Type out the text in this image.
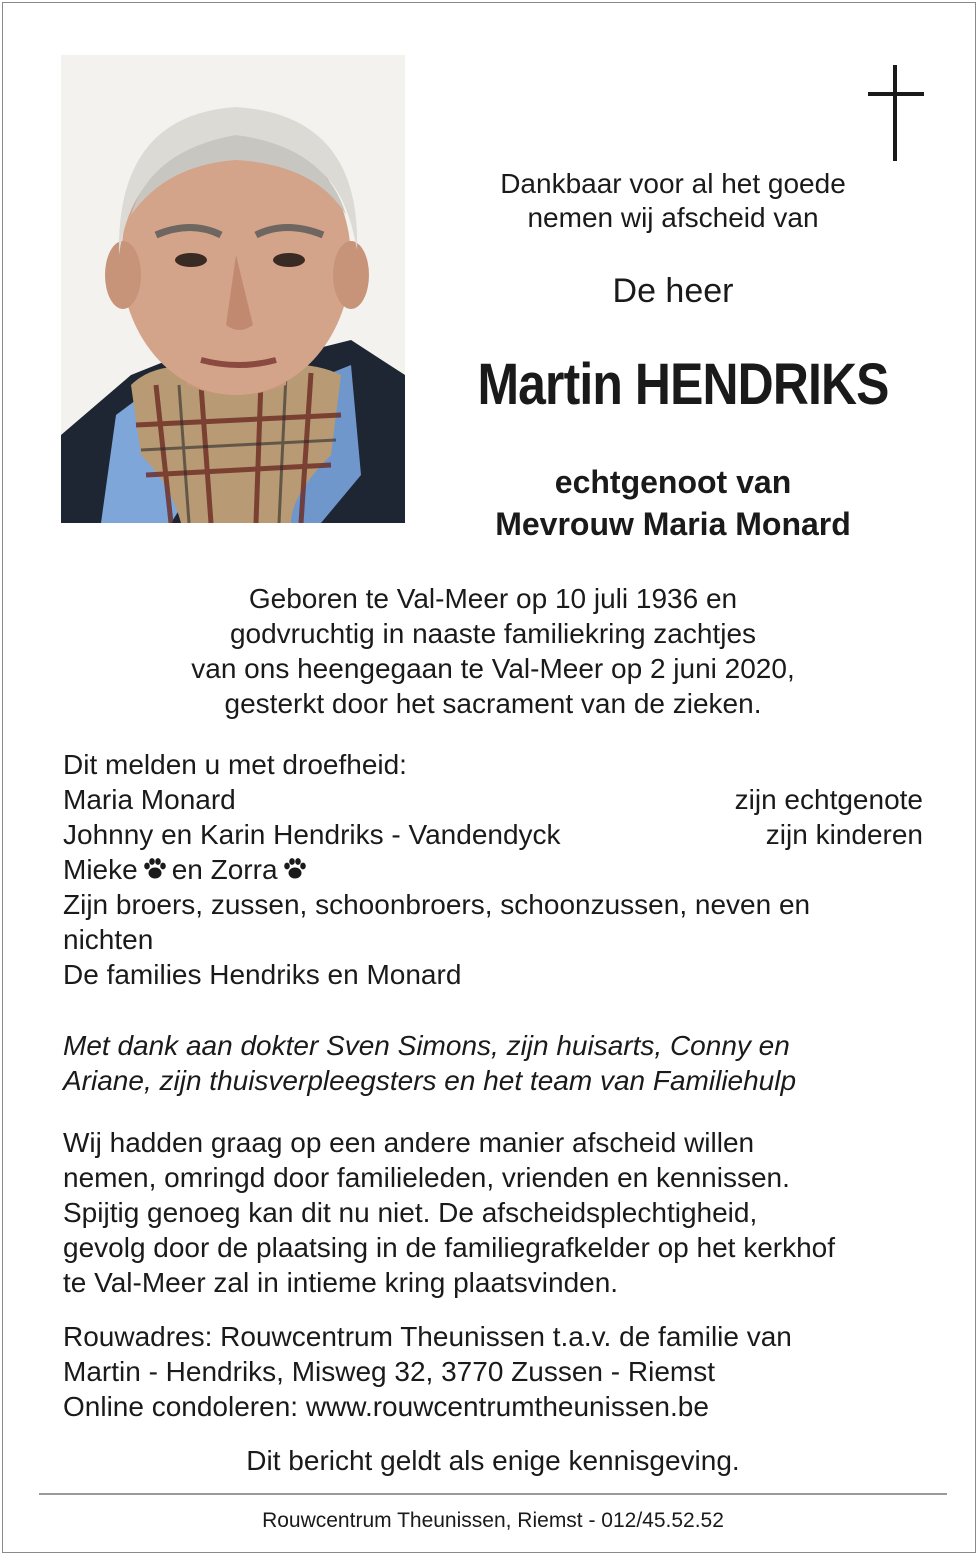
Dankbaar voor al het goede
nemen wij afscheid van
De heer
Martin HENDRIKS
echtgenoot van
Mevrouw Maria Monard
Geboren te Val-Meer op 10 juli 1936 en
godvruchtig in naaste familiekring zachtjes
van ons heengegaan te Val-Meer op 2 juni 2020,
gesterkt door het sacrament van de zieken.
Dit melden u met droefheid:
Maria Monard	zijn echtgenote
Johnny en Karin Hendriks - Vandendyck	zijn kinderen
Mieke en Zorra
Zijn broers, zussen, schoonbroers, schoonzussen, neven en
nichten
De families Hendriks en Monard
Met dank aan dokter Sven Simons, zijn huisarts, Conny en
Ariane, zijn thuisverpleegsters en het team van Familiehulp
Wij hadden graag op een andere manier afscheid willen
nemen, omringd door familieleden, vrienden en kennissen.
Spijtig genoeg kan dit nu niet. De afscheidsplechtigheid,
gevolg door de plaatsing in de familiegrafkelder op het kerkhof
te Val-Meer zal in intieme kring plaatsvinden.
Rouwadres: Rouwcentrum Theunissen t.a.v. de familie van
Martin - Hendriks, Misweg 32, 3770 Zussen - Riemst
Online condoleren: www.rouwcentrumtheunissen.be
Dit bericht geldt als enige kennisgeving.
Rouwcentrum Theunissen, Riemst - 012/45.52.52
